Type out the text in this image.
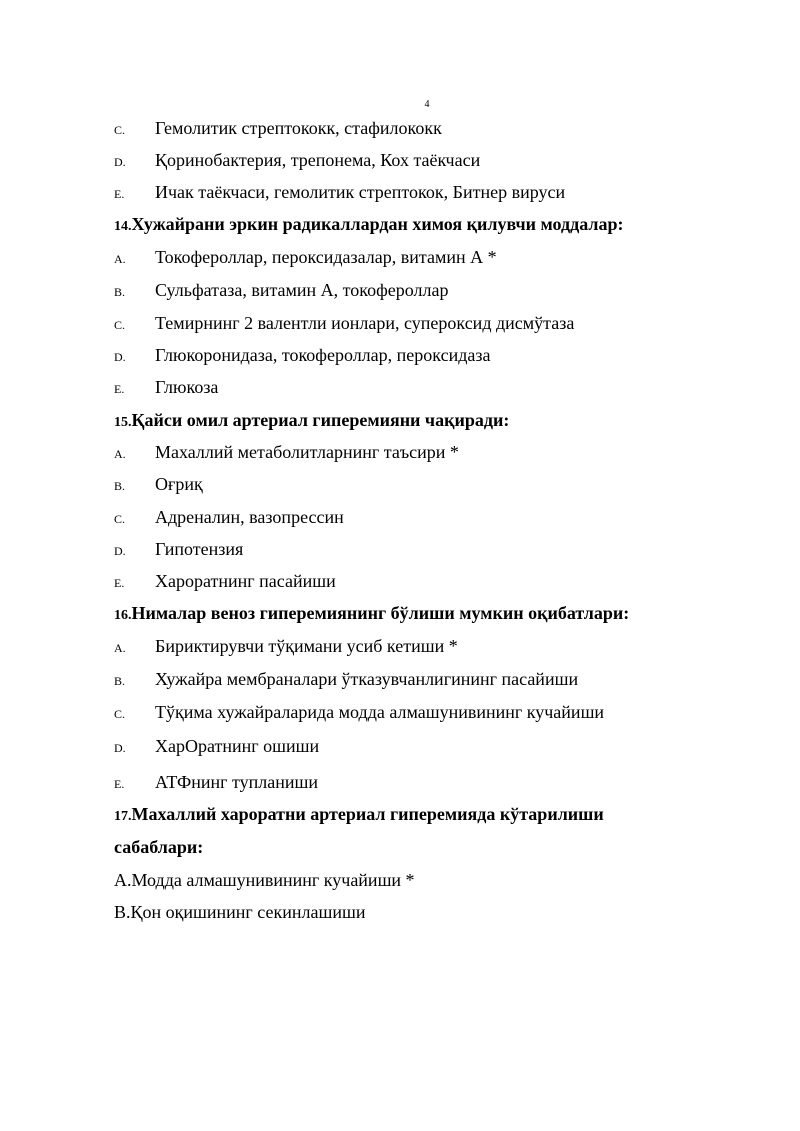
4
C. Гемолитик стрептококк, стафилококк
D. Қоринобактерия, трепонема, Кох таёкчаси
E. Ичак таёкчаси, гемолитик стрептокок, Битнер вируси
14.Хужайрани эркин радикаллардан химоя қилувчи моддалар:
A. Токофероллар, пероксидазалар, витамин А *
B. Сульфатаза, витамин А, токофероллар
C. Темирнинг 2 валентли ионлари, супероксид дисмўтаза
D. Глюкоронидаза, токофероллар, пероксидаза
E. Глюкоза
15.Қайси омил артериал гиперемияни чақиради:
A. Махаллий метаболитларнинг таъсири *
B. Оғриқ
C. Адреналин, вазопрессин
D. Гипотензия
E. Хароратнинг пасайиши
16.Нималар веноз гиперемиянинг бўлиши мумкин оқибатлари:
A. Бириктирувчи тўқимани усиб кетиши *
B. Хужайра мембраналари ўтказувчанлигининг пасайиши
C. Тўқима хужайраларида модда алмашунивининг кучайиши
D. ХарОратнинг ошиши
E. АТФнинг тупланиши
17.Махаллий хароратни артериал гиперемияда кўтарилиши
сабаблари:
А.Модда алмашунивининг кучайиши *
В.Қон оқишининг секинлашиши
